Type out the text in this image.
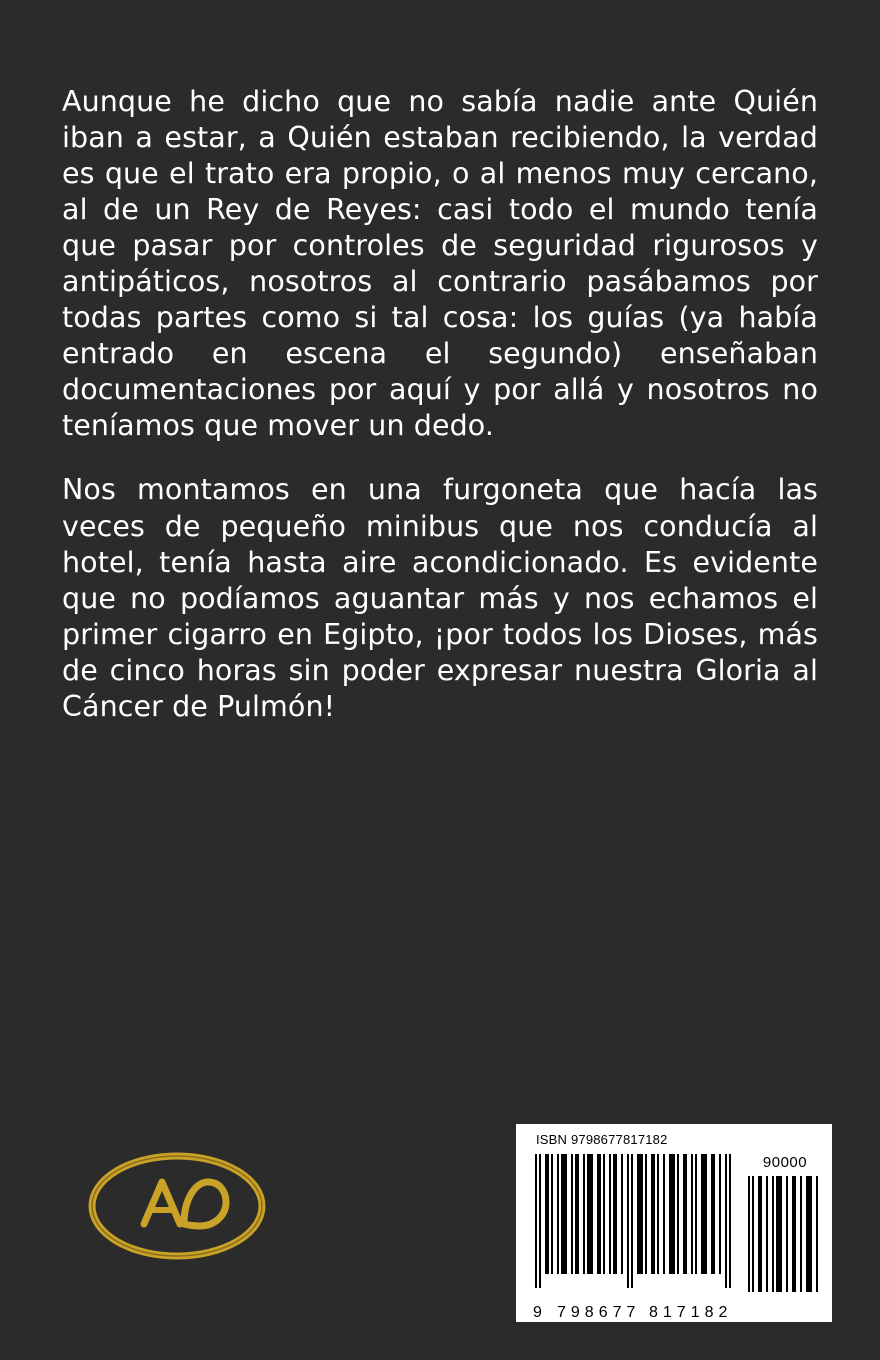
Aunque he dicho que no sabía nadie ante Quién iban a estar, a Quién estaban recibiendo, la verdad es que el trato era propio, o al menos muy cercano, al de un Rey de Reyes: casi todo el mundo tenía que pasar por controles de seguridad rigurosos y antipáticos, nosotros al contrario pasábamos por todas partes como si tal cosa: los guías (ya había entrado en escena el segundo) enseñaban documentaciones por aquí y por allá y nosotros no teníamos que mover un dedo.

Nos montamos en una furgoneta que hacía las veces de pequeño minibus que nos conducía al hotel, tenía hasta aire acondicionado. Es evidente que no podíamos aguantar más y nos echamos el primer cigarro en Egipto, ¡por todos los Dioses, más de cinco horas sin poder expresar nuestra Gloria al Cáncer de Pulmón!

ISBN 9798677817182
9 798677 817182
90000
